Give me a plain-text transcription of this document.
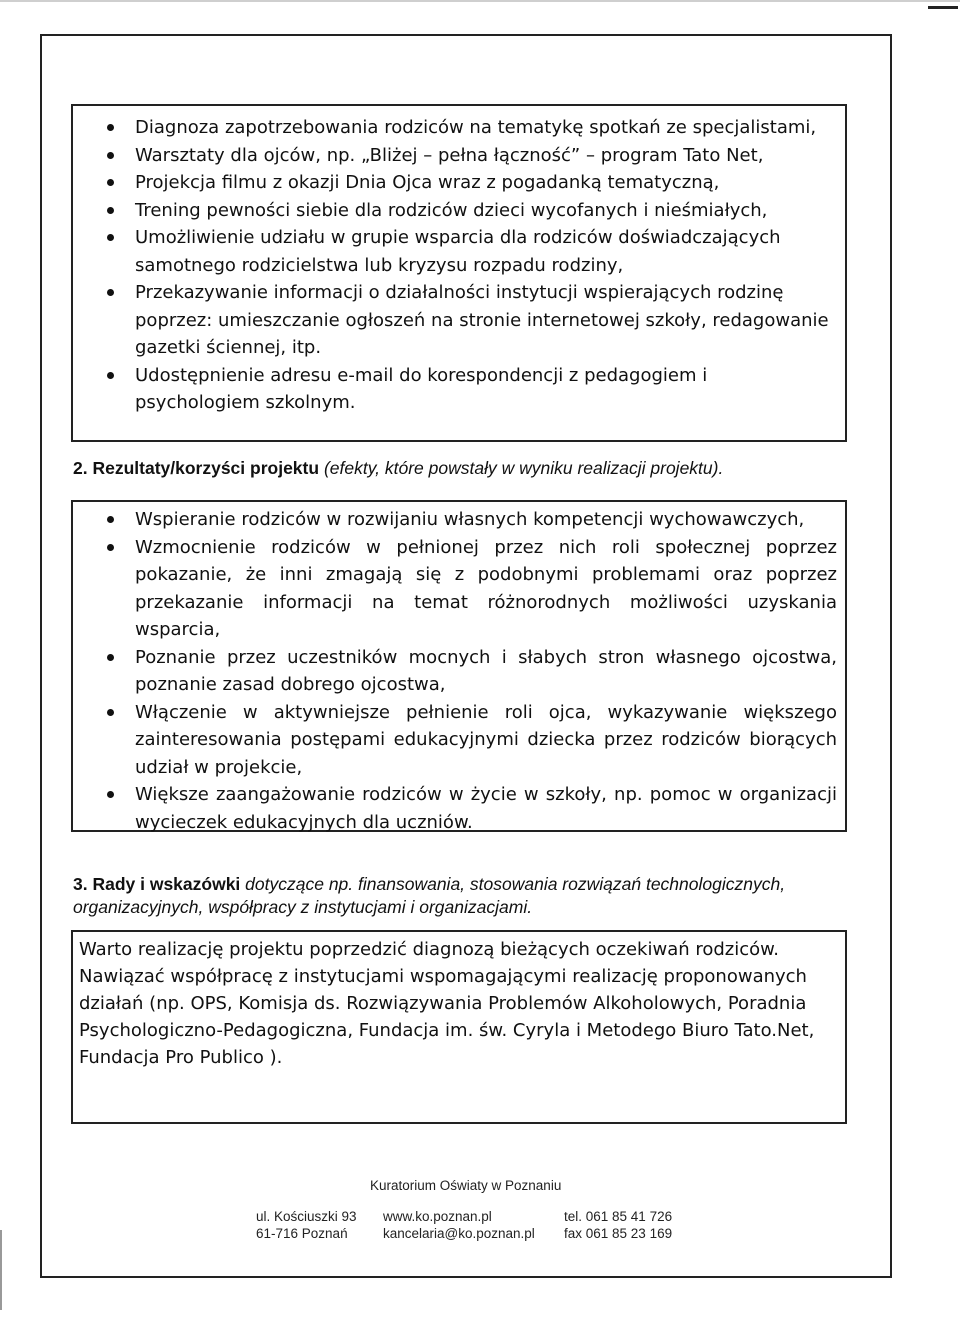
Diagnoza zapotrzebowania rodziców na tematykę spotkań ze specjalistami,
Warsztaty dla ojców, np. „Bliżej – pełna łączność” – program Tato Net,
Projekcja filmu z okazji Dnia Ojca wraz z pogadanką tematyczną,
Trening pewności siebie dla rodziców dzieci wycofanych i nieśmiałych,
Umożliwienie udziału w grupie wsparcia dla rodziców doświadczających samotnego rodzicielstwa lub kryzysu rozpadu rodziny,
Przekazywanie informacji o działalności instytucji wspierających rodzinę poprzez: umieszczanie ogłoszeń na stronie internetowej szkoły, redagowanie gazetki ściennej, itp.
Udostępnienie adresu e-mail do korespondencji z pedagogiem i psychologiem szkolnym.
2. Rezultaty/korzyści projektu (efekty, które powstały w wyniku realizacji projektu).
Wspieranie rodziców w rozwijaniu własnych kompetencji wychowawczych,
Wzmocnienie rodziców w pełnionej przez nich roli społecznej poprzez pokazanie, że inni zmagają się z podobnymi problemami oraz poprzez przekazanie informacji na temat różnorodnych możliwości uzyskania wsparcia,
Poznanie przez uczestników mocnych i słabych stron własnego ojcostwa, poznanie zasad dobrego ojcostwa,
Włączenie w aktywniejsze pełnienie roli ojca, wykazywanie większego zainteresowania postępami edukacyjnymi dziecka przez rodziców biorących udział w projekcie,
Większe zaangażowanie rodziców w życie w szkoły, np. pomoc w organizacji wycieczek edukacyjnych dla uczniów.
3. Rady i wskazówki dotyczące np. finansowania, stosowania rozwiązań technologicznych, organizacyjnych, współpracy z instytucjami i organizacjami.
Warto realizację projektu poprzedzić diagnozą bieżących oczekiwań rodziców. Nawiązać współpracę z instytucjami wspomagającymi realizację proponowanych działań (np. OPS, Komisja ds. Rozwiązywania Problemów Alkoholowych, Poradnia Psychologiczno-Pedagogiczna, Fundacja im. św. Cyryla i Metodego Biuro Tato.Net, Fundacja Pro Publico ).
Kuratorium Oświaty w Poznaniu
ul. Kościuszki 93
61-716 Poznań
www.ko.poznan.pl
kancelaria@ko.poznan.pl
tel. 061 85 41 726
fax 061 85 23 169
